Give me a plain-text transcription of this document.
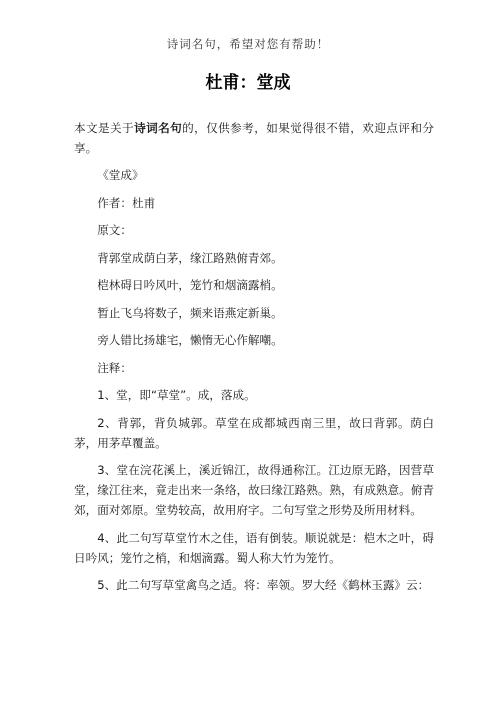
诗词名句，希望对您有帮助！
杜甫：堂成

本文是关于诗词名句的，仅供参考，如果觉得很不错，欢迎点评和分享。

《堂成》

作者：杜甫

原文：

背郭堂成荫白茅，缘江路熟俯青郊。

桤林碍日吟风叶，笼竹和烟滴露梢。

暂止飞乌将数子，频来语燕定新巢。

旁人错比扬雄宅，懒惰无心作解嘲。

注释：

1、堂，即“草堂”。成，落成。

2、背郭，背负城郭。草堂在成都城西南三里，故曰背郭。荫白茅，用茅草覆盖。

3、堂在浣花溪上，溪近锦江，故得通称江。江边原无路，因营草堂，缘江往来，竟走出来一条络，故曰缘江路熟。熟，有成熟意。俯青郊，面对郊原。堂势较高，故用府字。二句写堂之形势及所用材料。

4、此二句写草堂竹木之佳，语有倒装。顺说就是：桤木之叶，碍日吟风；笼竹之梢，和烟滴露。蜀人称大竹为笼竹。

5、此二句写草堂禽鸟之适。将：率领。罗大经《鹤林玉露》云：
